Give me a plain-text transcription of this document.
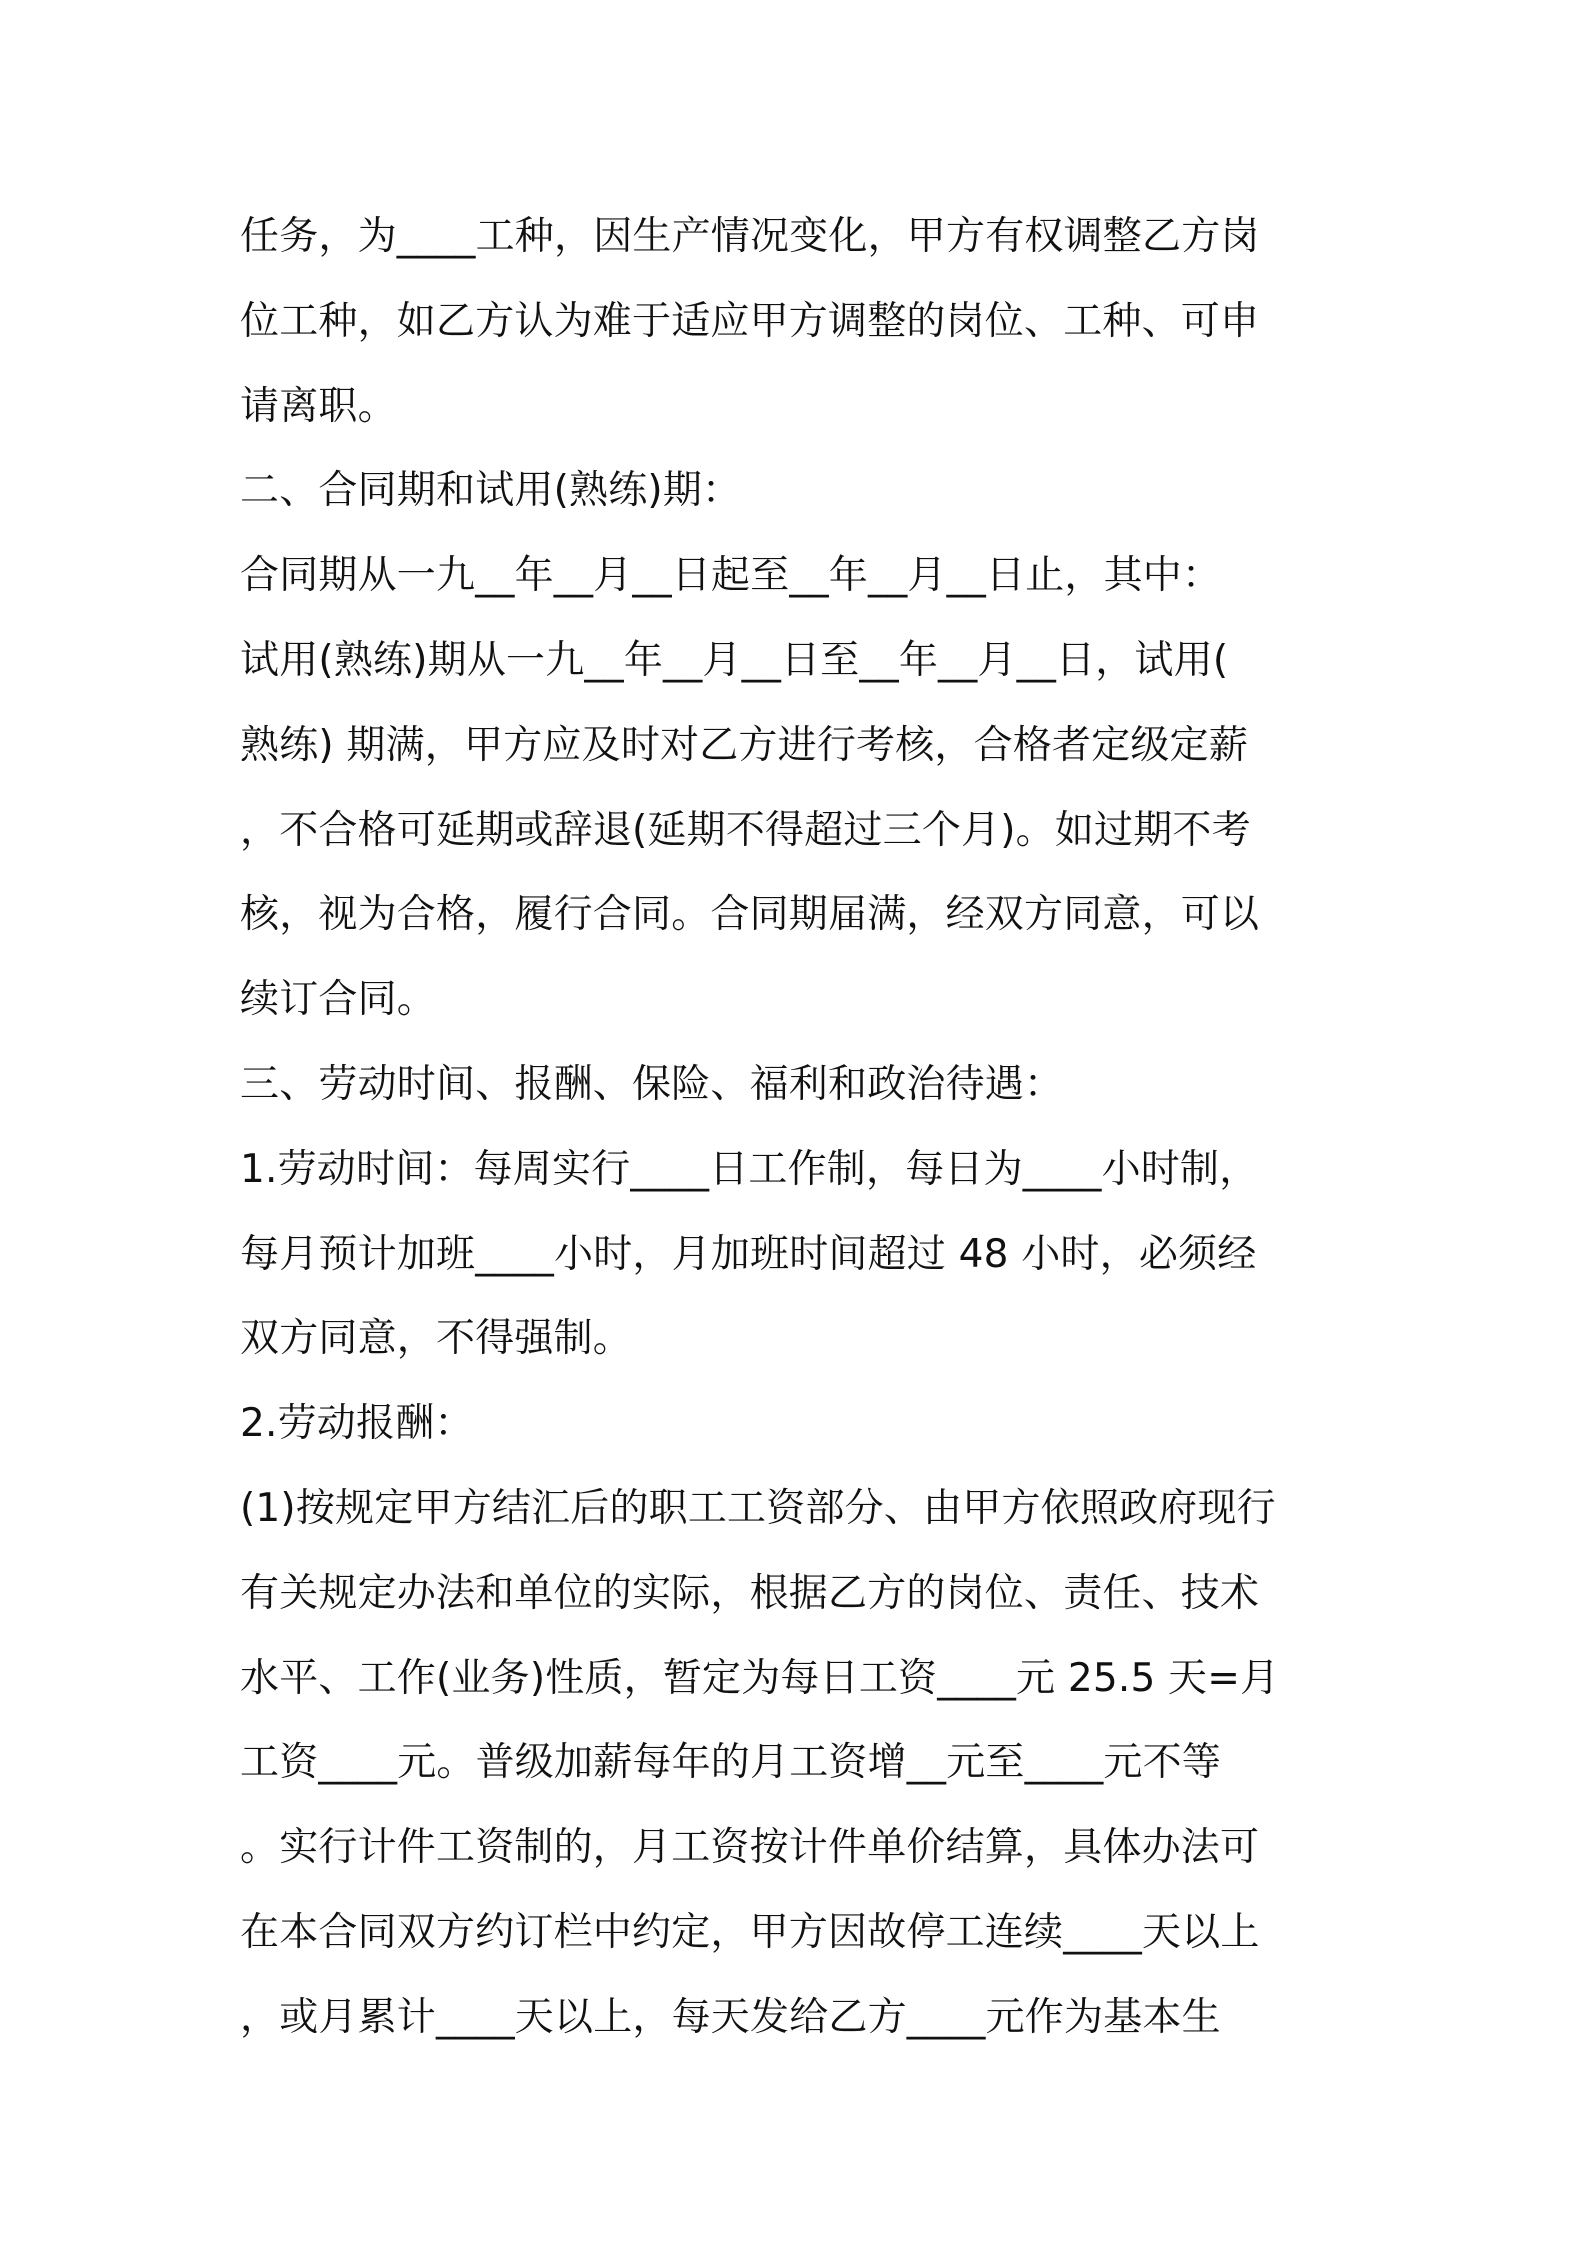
任务，为____工种，因生产情况变化，甲方有权调整乙方岗
位工种，如乙方认为难于适应甲方调整的岗位、工种、可申
请离职。
二、合同期和试用(熟练)期：
合同期从一九__年__月__日起至__年__月__日止，其中：
试用(熟练)期从一九__年__月__日至__年__月__日，试用(
熟练) 期满，甲方应及时对乙方进行考核，合格者定级定薪
，不合格可延期或辞退(延期不得超过三个月)。如过期不考
核，视为合格，履行合同。合同期届满，经双方同意，可以
续订合同。
三、劳动时间、报酬、保险、福利和政治待遇：
1.劳动时间：每周实行____日工作制，每日为____小时制，
每月预计加班____小时，月加班时间超过 48 小时，必须经
双方同意，不得强制。
2.劳动报酬：
(1)按规定甲方结汇后的职工工资部分、由甲方依照政府现行
有关规定办法和单位的实际，根据乙方的岗位、责任、技术
水平、工作(业务)性质，暂定为每日工资____元 25.5 天=月
工资____元。普级加薪每年的月工资增__元至____元不等
。实行计件工资制的，月工资按计件单价结算，具体办法可
在本合同双方约订栏中约定，甲方因故停工连续____天以上
，或月累计____天以上，每天发给乙方____元作为基本生
